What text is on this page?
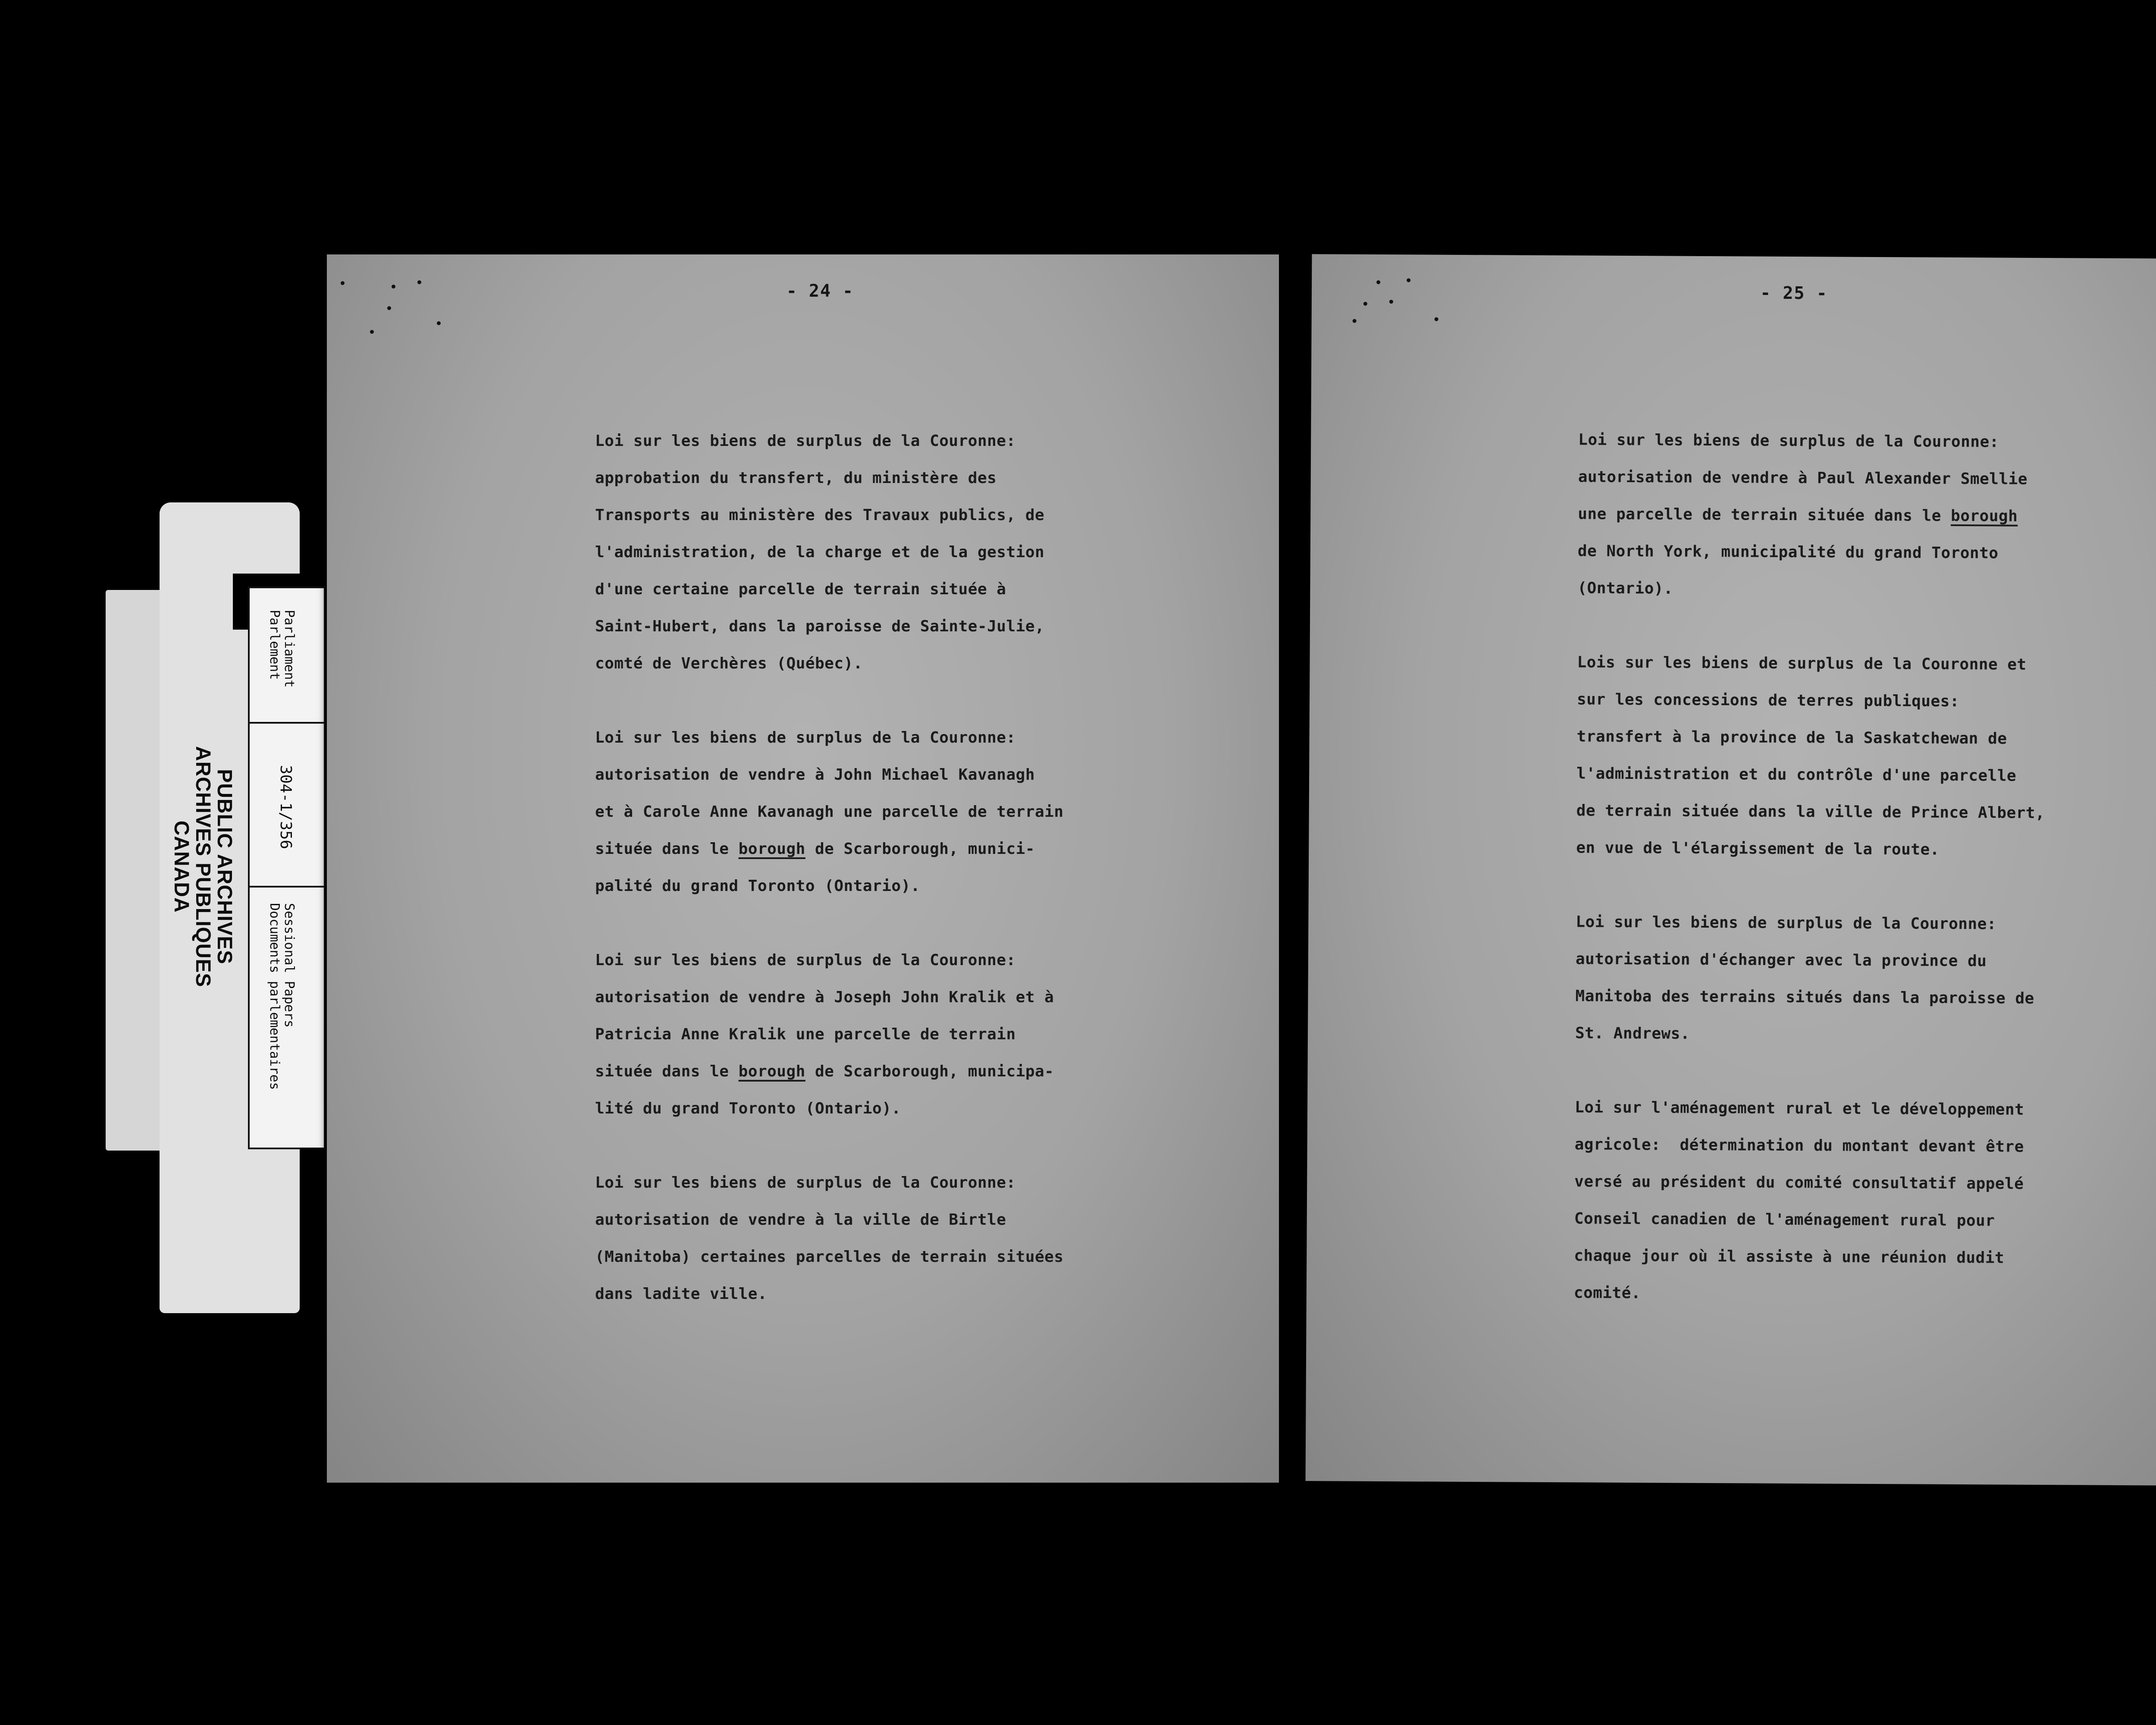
Parliament
Parlement
304-1/356
Sessional Papers
Documents parlementaires
PUBLIC ARCHIVES
ARCHIVES PUBLIQUES
CANADA
- 24 -
Loi sur les biens de surplus de la Couronne:
approbation du transfert, du ministère des
Transports au ministère des Travaux publics, de
l'administration, de la charge et de la gestion
d'une certaine parcelle de terrain située à
Saint-Hubert, dans la paroisse de Sainte-Julie,
comté de Verchères (Québec).
Loi sur les biens de surplus de la Couronne:
autorisation de vendre à John Michael Kavanagh
et à Carole Anne Kavanagh une parcelle de terrain
située dans le borough de Scarborough, munici-
palité du grand Toronto (Ontario).
Loi sur les biens de surplus de la Couronne:
autorisation de vendre à Joseph John Kralik et à
Patricia Anne Kralik une parcelle de terrain
située dans le borough de Scarborough, municipa-
lité du grand Toronto (Ontario).
Loi sur les biens de surplus de la Couronne:
autorisation de vendre à la ville de Birtle
(Manitoba) certaines parcelles de terrain situées
dans ladite ville.
- 25 -
Loi sur les biens de surplus de la Couronne:
autorisation de vendre à Paul Alexander Smellie
une parcelle de terrain située dans le borough
de North York, municipalité du grand Toronto
(Ontario).
Lois sur les biens de surplus de la Couronne et
sur les concessions de terres publiques:
transfert à la province de la Saskatchewan de
l'administration et du contrôle d'une parcelle
de terrain située dans la ville de Prince Albert,
en vue de l'élargissement de la route.
Loi sur les biens de surplus de la Couronne:
autorisation d'échanger avec la province du
Manitoba des terrains situés dans la paroisse de
St. Andrews.
Loi sur l'aménagement rural et le développement
agricole:  détermination du montant devant être
versé au président du comité consultatif appelé
Conseil canadien de l'aménagement rural pour
chaque jour où il assiste à une réunion dudit
comité.
